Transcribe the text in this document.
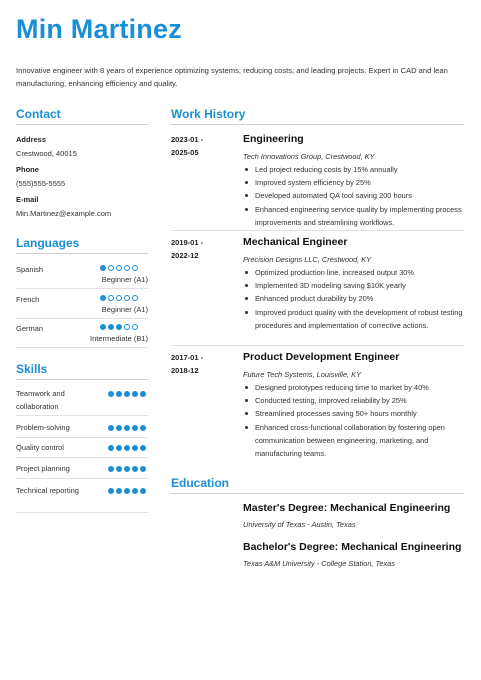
Min Martinez
Innovative engineer with 8 years of experience optimizing systems, reducing costs, and leading projects. Expert in CAD and lean manufacturing, enhancing efficiency and quality.
Contact
Address
Crestwood, 40015
Phone
(555)555-5555
E-mail
Min.Martinez@example.com
Languages
Spanish
Beginner (A1)
French
Beginner (A1)
German
Intermediate (B1)
Skills
Teamwork and collaboration
Problem-solving
Quality control
Project planning
Technical reporting
Work History
2023-01 -
2025-05
Engineering
Tech Innovations Group, Crestwood, KY
Led project reducing costs by 15% annually
Improved system efficiency by 25%
Developed automated QA tool saving 200 hours
Enhanced engineering service quality by implementing process improvements and streamlining workflows.
2019-01 -
2022-12
Mechanical Engineer
Precision Designs LLC, Crestwood, KY
Optimized production line, increased output 30%
Implemented 3D modeling saving $10K yearly
Enhanced product durability by 20%
Improved product quality with the development of robust testing procedures and implementation of corrective actions.
2017-01 -
2018-12
Product Development Engineer
Future Tech Systems, Louisville, KY
Designed prototypes reducing time to market by 40%
Conducted testing, improved reliability by 25%
Streamlined processes saving 50+ hours monthly
Enhanced cross-functional collaboration by fostering open communication between engineering, marketing, and manufacturing teams.
Education
Master's Degree: Mechanical Engineering
University of Texas - Austin, Texas
Bachelor's Degree: Mechanical Engineering
Texas A&M University - College Station, Texas
